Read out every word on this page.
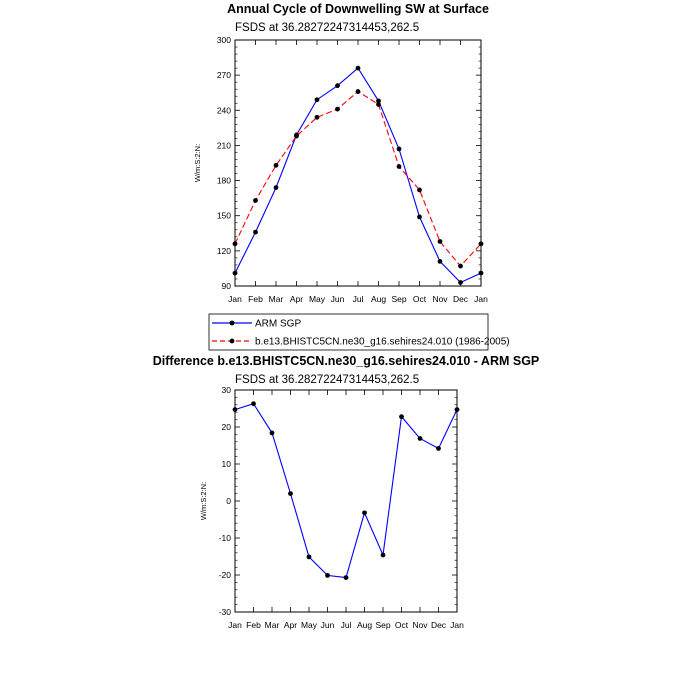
Annual Cycle of Downwelling SW at Surface
FSDS at 36.28272247314453,262.5
W/m:S:2:N:
90
120
150
180
210
240
270
300
Jan Feb Mar Apr May Jun Jul Aug Sep Oct Nov Dec Jan
ARM SGP
b.e13.BHISTC5CN.ne30_g16.sehires24.010 (1986-2005)
Difference b.e13.BHISTC5CN.ne30_g16.sehires24.010 - ARM SGP
FSDS at 36.28272247314453,262.5
W/m:S:2:N:
-30
-20
-10
0
10
20
30
Jan Feb Mar Apr May Jun Jul Aug Sep Oct Nov Dec Jan
